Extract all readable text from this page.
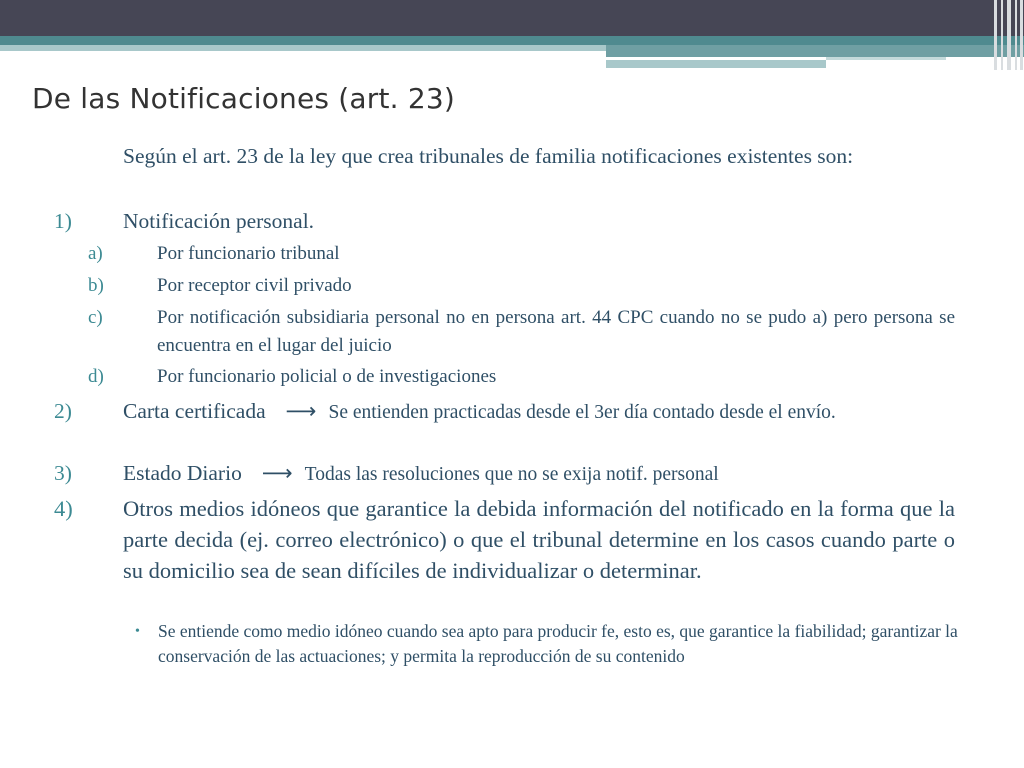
De las Notificaciones (art. 23)
Según el art. 23 de la ley que crea tribunales de familia notificaciones existentes son:
1) Notificación personal.
a)	Por funcionario tribunal
b)	Por receptor civil privado
c)	Por notificación subsidiaria personal no en persona art. 44 CPC cuando no se pudo a) pero persona se encuentra en el lugar del juicio
d)	Por funcionario policial o de investigaciones
2) Carta certificada ⟶ Se entienden practicadas desde el 3er día contado desde el envío.
3) Estado Diario ⟶ Todas las resoluciones que no se exija notif. personal
4) Otros medios idóneos que garantice la debida información del notificado en la forma que la parte decida (ej. correo electrónico) o que el tribunal determine en los casos cuando parte o su domicilio sea de sean difíciles de individualizar o determinar.
• Se entiende como medio idóneo cuando sea apto para producir fe, esto es, que garantice la fiabilidad; garantizar la conservación de las actuaciones; y permita la reproducción de su contenido
